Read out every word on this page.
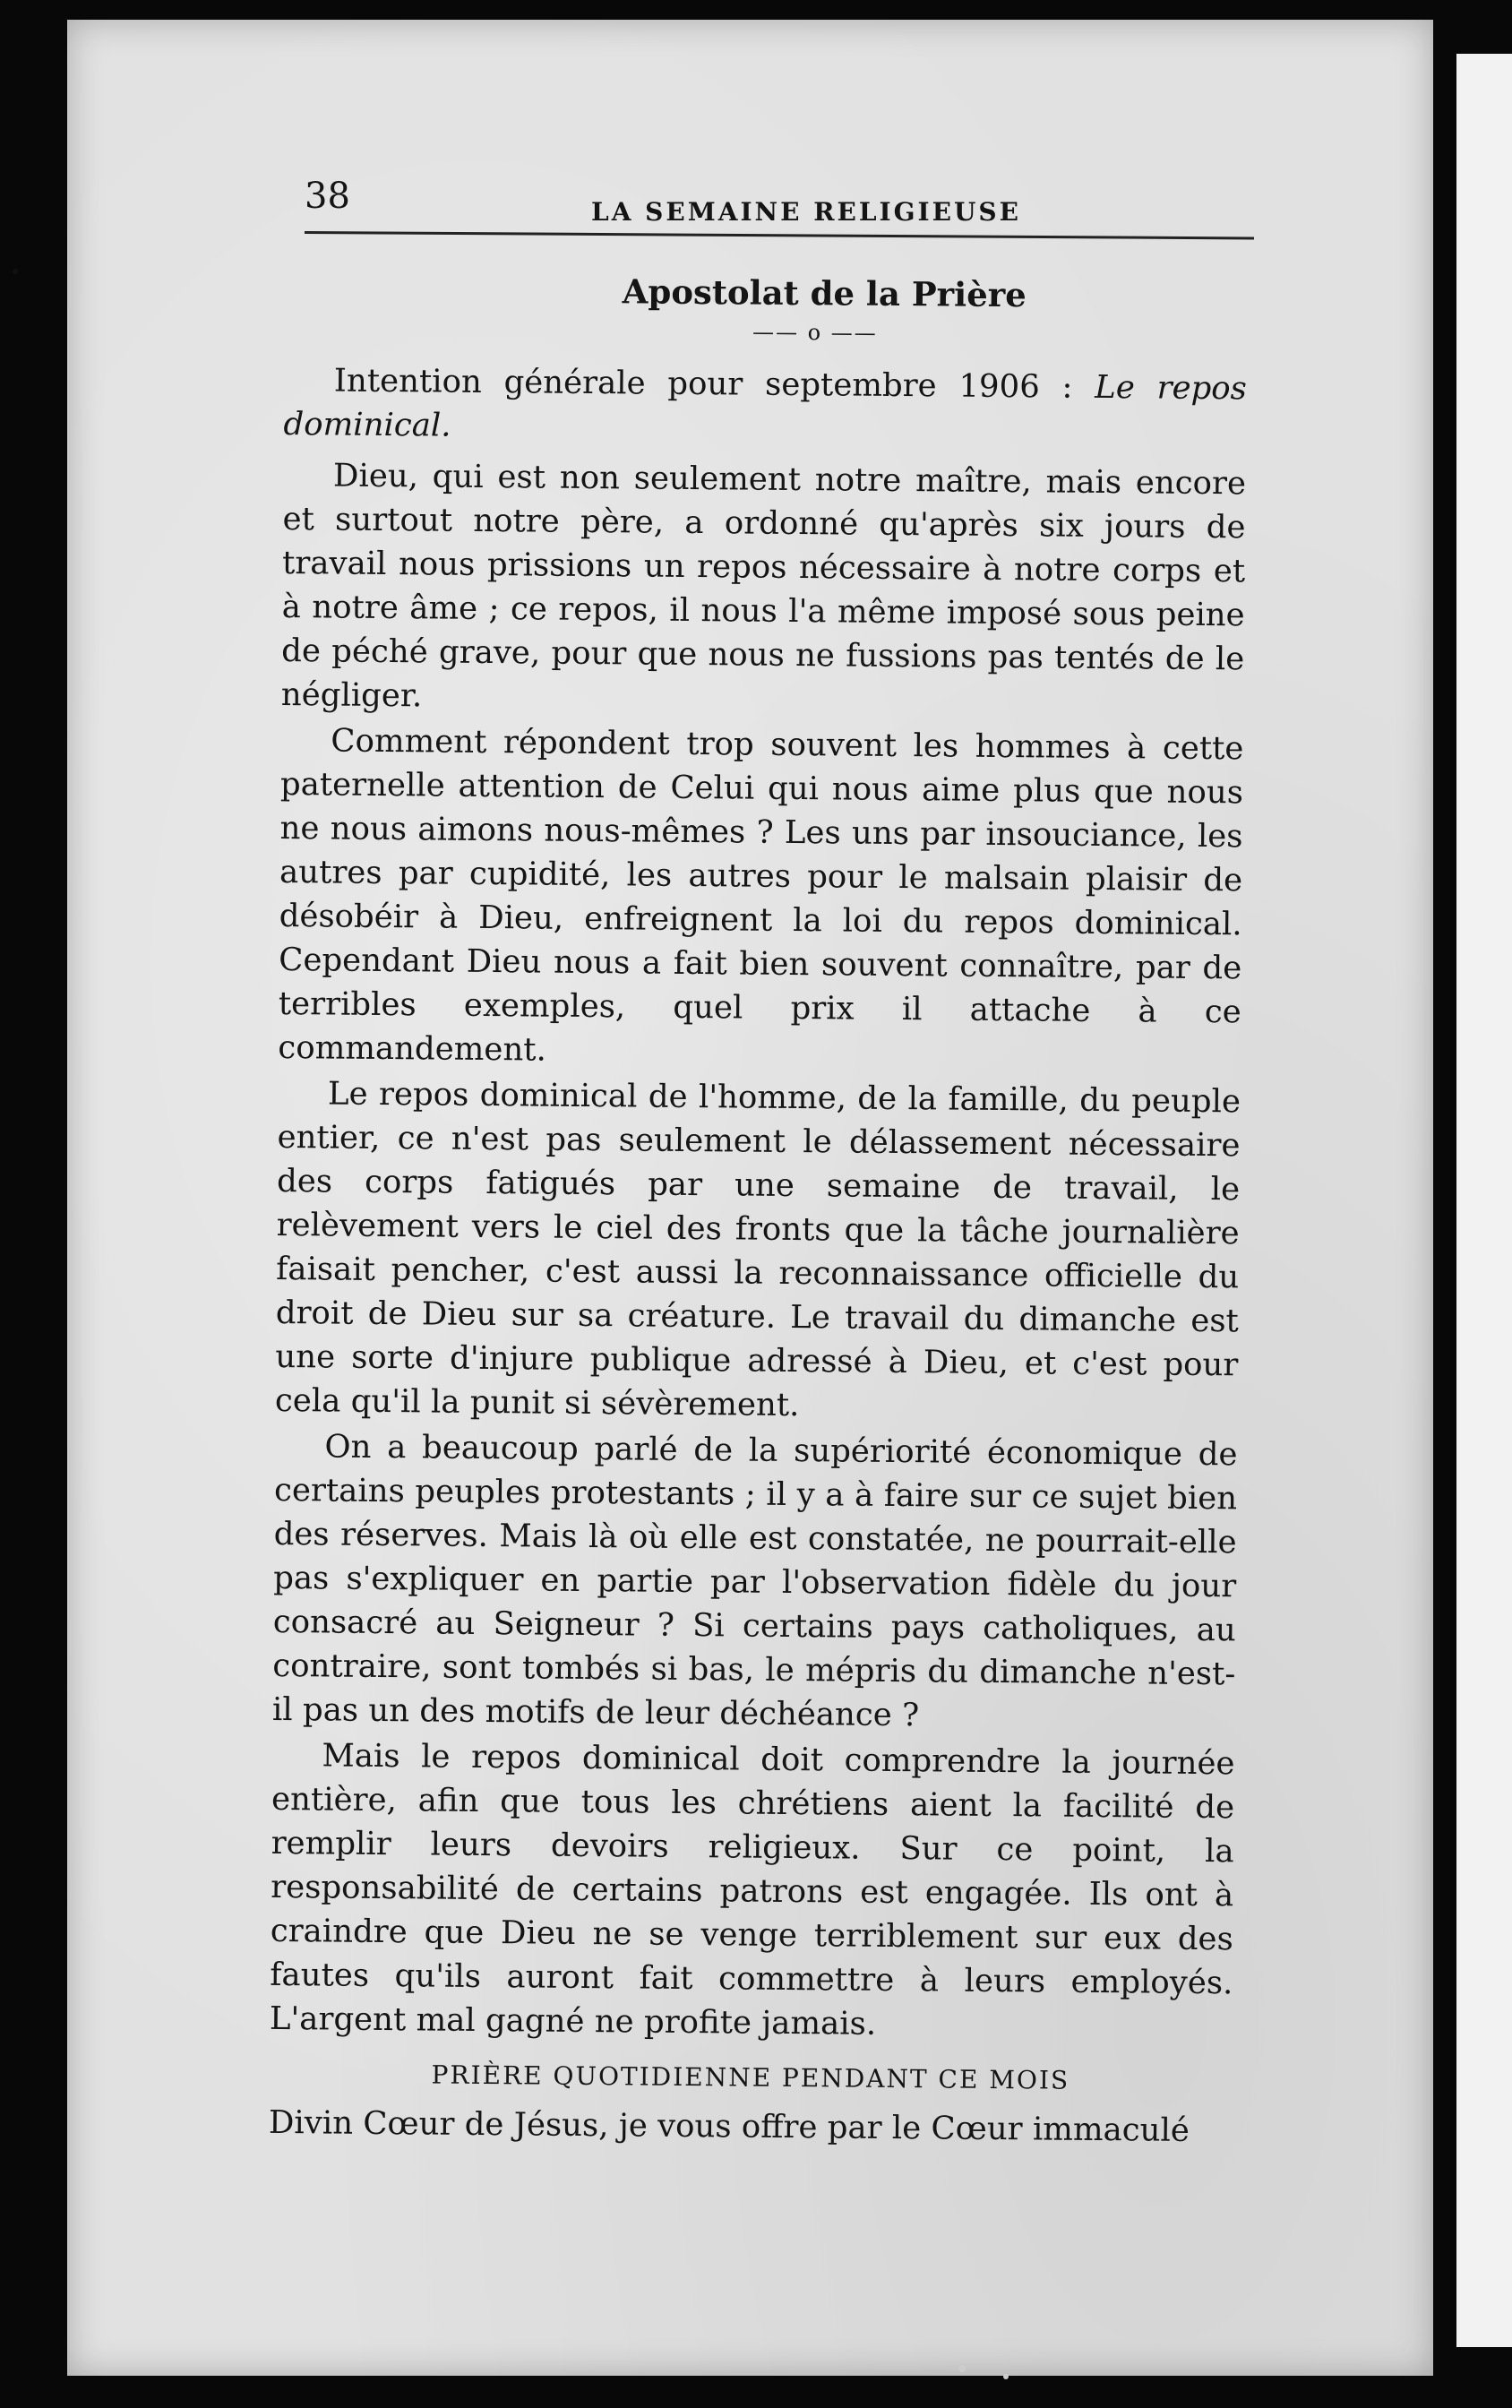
38	LA SEMAINE RELIGIEUSE
Apostolat de la Prière
—— o ——

Intention générale pour septembre 1906 : Le repos dominical.

Dieu, qui est non seulement notre maître, mais encore et surtout notre père, a ordonné qu'après six jours de travail nous prissions un repos nécessaire à notre corps et à notre âme ; ce repos, il nous l'a même imposé sous peine de péché grave, pour que nous ne fussions pas tentés de le négliger.

Comment répondent trop souvent les hommes à cette paternelle attention de Celui qui nous aime plus que nous ne nous aimons nous-mêmes ? Les uns par insouciance, les autres par cupidité, les autres pour le malsain plaisir de désobéir à Dieu, enfreignent la loi du repos dominical. Cependant Dieu nous a fait bien souvent connaître, par de terribles exemples, quel prix il attache à ce commandement.

Le repos dominical de l'homme, de la famille, du peuple entier, ce n'est pas seulement le délassement nécessaire des corps fatigués par une semaine de travail, le relèvement vers le ciel des fronts que la tâche journalière faisait pencher, c'est aussi la reconnaissance officielle du droit de Dieu sur sa créature. Le travail du dimanche est une sorte d'injure publique adressé à Dieu, et c'est pour cela qu'il la punit si sévèrement.

On a beaucoup parlé de la supériorité économique de certains peuples protestants ; il y a à faire sur ce sujet bien des réserves. Mais là où elle est constatée, ne pourrait-elle pas s'expliquer en partie par l'observation fidèle du jour consacré au Seigneur ? Si certains pays catholiques, au contraire, sont tombés si bas, le mépris du dimanche n'est-il pas un des motifs de leur déchéance ?

Mais le repos dominical doit comprendre la journée entière, afin que tous les chrétiens aient la facilité de remplir leurs devoirs religieux. Sur ce point, la responsabilité de certains patrons est engagée. Ils ont à craindre que Dieu ne se venge terriblement sur eux des fautes qu'ils auront fait commettre à leurs employés. L'argent mal gagné ne profite jamais.

PRIÈRE QUOTIDIENNE PENDANT CE MOIS

Divin Cœur de Jésus, je vous offre par le Cœur immaculé
